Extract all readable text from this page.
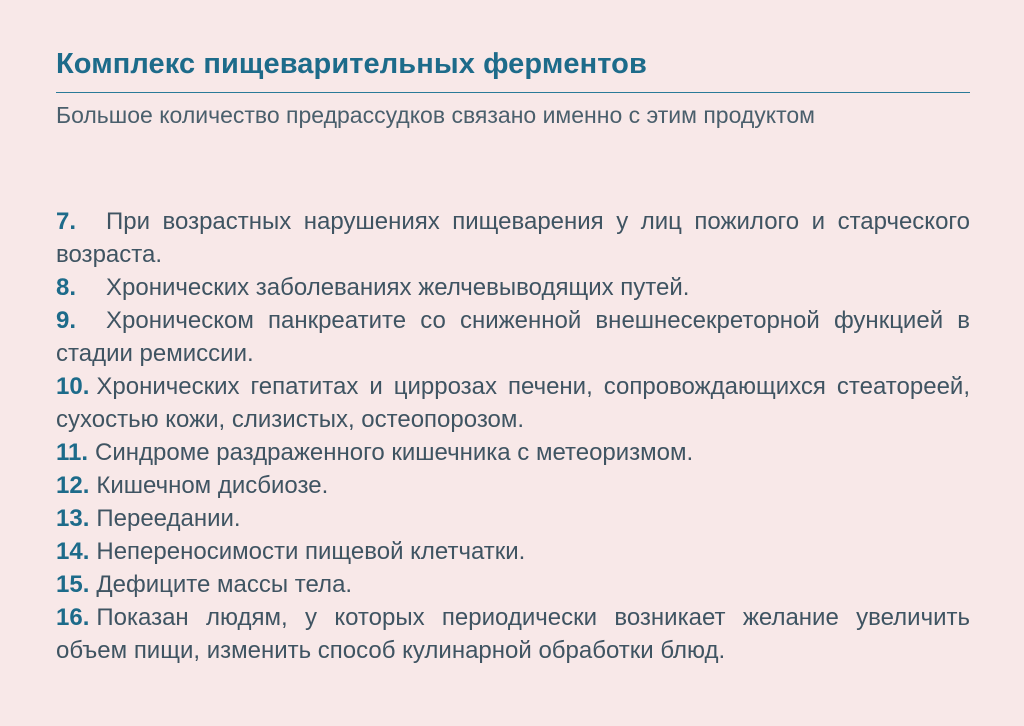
Комплекс пищеварительных ферментов

Большое количество предрассудков связано именно с этим продуктом

7. При возрастных нарушениях пищеварения у лиц пожилого и старческого возраста.
8. Хронических заболеваниях желчевыводящих путей.
9. Хроническом панкреатите со сниженной внешнесекреторной функцией в стадии ремиссии.
10. Хронических гепатитах и циррозах печени, сопровождающихся стеатореей, сухостью кожи, слизистых, остеопорозом.
11. Синдроме раздраженного кишечника с метеоризмом.
12. Кишечном дисбиозе.
13. Переедании.
14. Непереносимости пищевой клетчатки.
15. Дефиците массы тела.
16. Показан людям, у которых периодически возникает желание увеличить объем пищи, изменить способ кулинарной обработки блюд.
